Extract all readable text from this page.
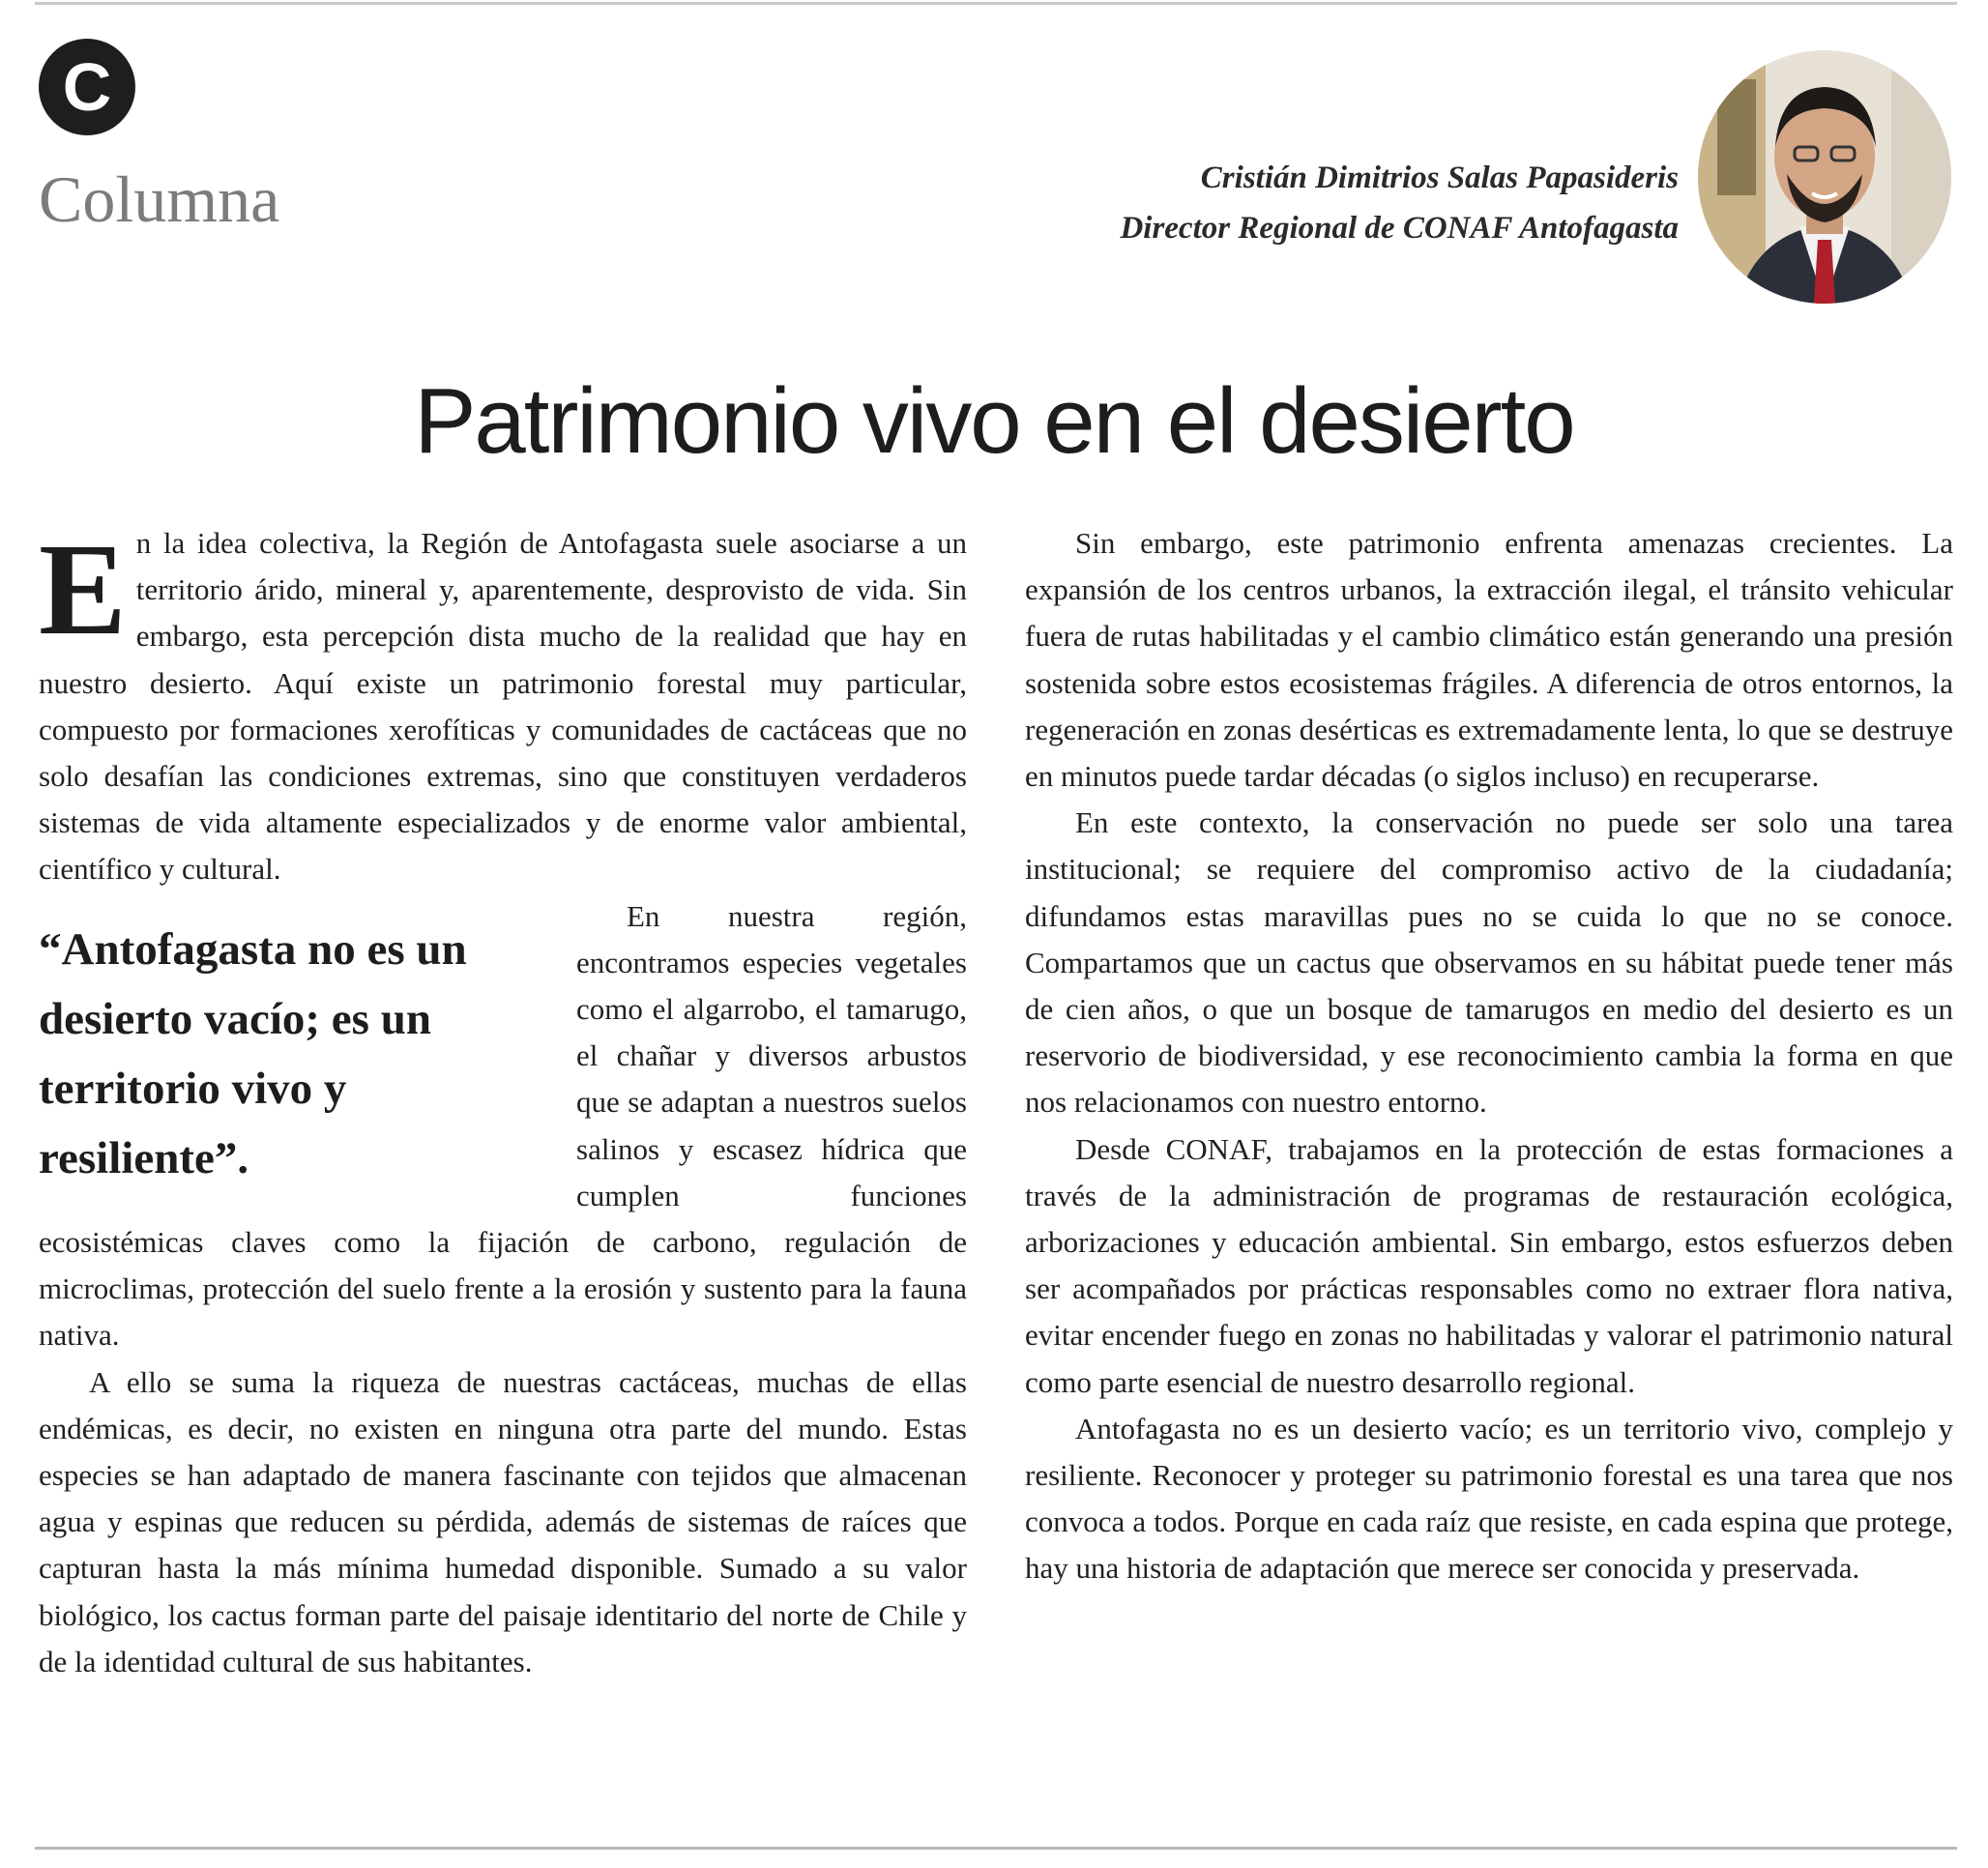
C
Columna	Cristián Dimitrios Salas Papasideris
Director Regional de CONAF Antofagasta
Patrimonio vivo en el desierto

En la idea colectiva, la Región de Antofagasta suele asociarse a un territorio árido, mineral y, aparentemente, desprovisto de vida. Sin embargo, esta percepción dista mucho de la realidad que hay en nuestro desierto. Aquí existe un patrimonio forestal muy particular, compuesto por formaciones xerofíticas y comunidades de cactáceas que no solo desafían las condiciones extremas, sino que constituyen verdaderos sistemas de vida altamente especializados y de enorme valor ambiental, científico y cultural.

“Antofagasta no es un desierto vacío; es un territorio vivo y resiliente”.

En nuestra región, encontramos especies vegetales como el algarrobo, el tamarugo, el chañar y diversos arbustos que se adaptan a nuestros suelos salinos y escasez hídrica que cumplen funciones ecosistémicas claves como la fijación de carbono, regulación de microclimas, protección del suelo frente a la erosión y sustento para la fauna nativa.

A ello se suma la riqueza de nuestras cactáceas, muchas de ellas endémicas, es decir, no existen en ninguna otra parte del mundo. Estas especies se han adaptado de manera fascinante con tejidos que almacenan agua y espinas que reducen su pérdida, además de sistemas de raíces que capturan hasta la más mínima humedad disponible. Sumado a su valor biológico, los cactus forman parte del paisaje identitario del norte de Chile y de la identidad cultural de sus habitantes.

Sin embargo, este patrimonio enfrenta amenazas crecientes. La expansión de los centros urbanos, la extracción ilegal, el tránsito vehicular fuera de rutas habilitadas y el cambio climático están generando una presión sostenida sobre estos ecosistemas frágiles. A diferencia de otros entornos, la regeneración en zonas desérticas es extremadamente lenta, lo que se destruye en minutos puede tardar décadas (o siglos incluso) en recuperarse.

En este contexto, la conservación no puede ser solo una tarea institucional; se requiere del compromiso activo de la ciudadanía; difundamos estas maravillas pues no se cuida lo que no se conoce. Compartamos que un cactus que observamos en su hábitat puede tener más de cien años, o que un bosque de tamarugos en medio del desierto es un reservorio de biodiversidad, y ese reconocimiento cambia la forma en que nos relacionamos con nuestro entorno.

Desde CONAF, trabajamos en la protección de estas formaciones a través de la administración de programas de restauración ecológica, arborizaciones y educación ambiental. Sin embargo, estos esfuerzos deben ser acompañados por prácticas responsables como no extraer flora nativa, evitar encender fuego en zonas no habilitadas y valorar el patrimonio natural como parte esencial de nuestro desarrollo regional.

Antofagasta no es un desierto vacío; es un territorio vivo, complejo y resiliente. Reconocer y proteger su patrimonio forestal es una tarea que nos convoca a todos. Porque en cada raíz que resiste, en cada espina que protege, hay una historia de adaptación que merece ser conocida y preservada.
